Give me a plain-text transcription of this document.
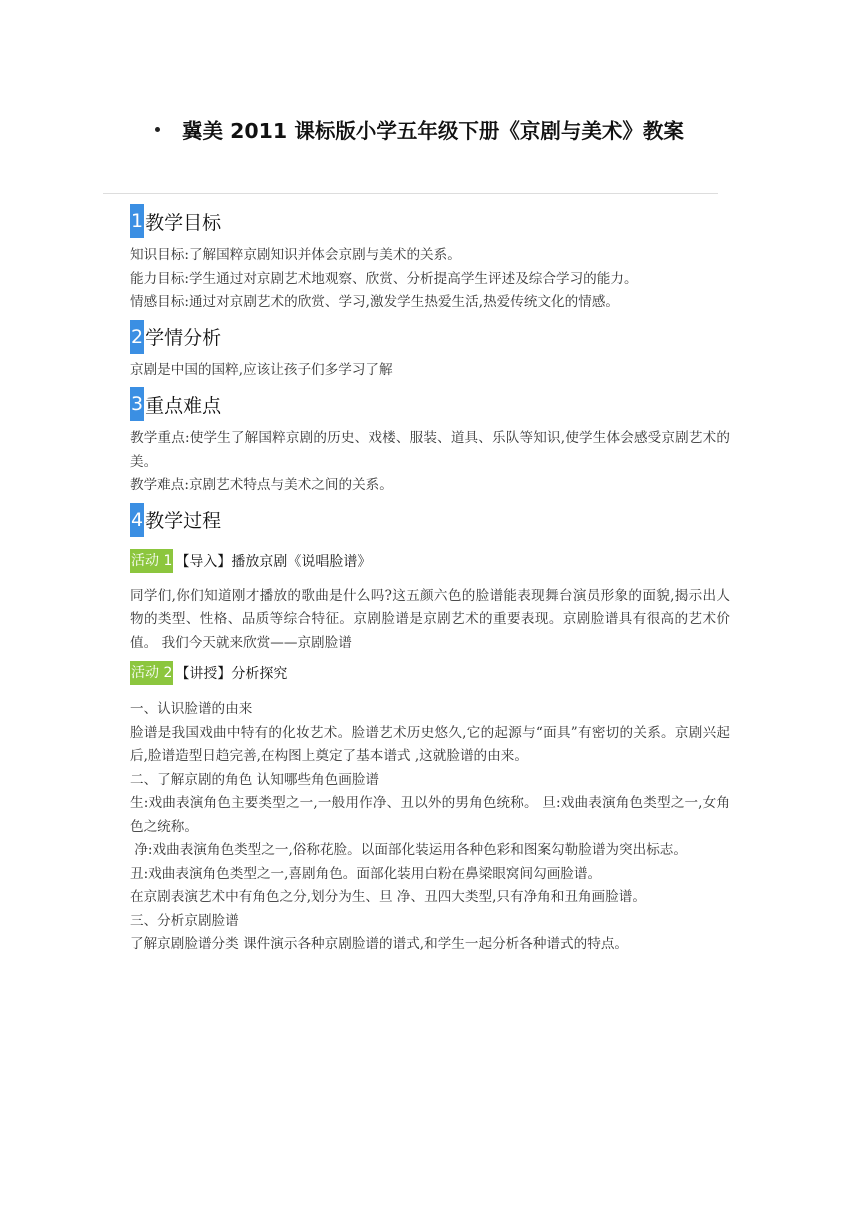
冀美 2011 课标版小学五年级下册《京剧与美术》教案
1 教学目标
知识目标:了解国粹京剧知识并体会京剧与美术的关系。
能力目标:学生通过对京剧艺术地观察、欣赏、分析提高学生评述及综合学习的能力。
情感目标:通过对京剧艺术的欣赏、学习,激发学生热爱生活,热爱传统文化的情感。
2 学情分析
京剧是中国的国粹,应该让孩子们多学习了解
3 重点难点
教学重点:使学生了解国粹京剧的历史、戏楼、服装、道具、乐队等知识,使学生体会感受京剧艺术的美。
教学难点:京剧艺术特点与美术之间的关系。
4 教学过程
活动 1 【导入】播放京剧《说唱脸谱》
同学们,你们知道刚才播放的歌曲是什么吗?这五颜六色的脸谱能表现舞台演员形象的面貌,揭示出人物的类型、性格、品质等综合特征。京剧脸谱是京剧艺术的重要表现。京剧脸谱具有很高的艺术价值。 我们今天就来欣赏——京剧脸谱
活动 2 【讲授】分析探究
一、认识脸谱的由来
脸谱是我国戏曲中特有的化妆艺术。脸谱艺术历史悠久,它的起源与“面具”有密切的关系。京剧兴起后,脸谱造型日趋完善,在构图上奠定了基本谱式 ,这就脸谱的由来。
二、了解京剧的角色 认知哪些角色画脸谱
生:戏曲表演角色主要类型之一,一般用作净、丑以外的男角色统称。 旦:戏曲表演角色类型之一,女角色之统称。
净:戏曲表演角色类型之一,俗称花脸。以面部化装运用各种色彩和图案勾勒脸谱为突出标志。
丑:戏曲表演角色类型之一,喜剧角色。面部化装用白粉在鼻梁眼窝间勾画脸谱。
在京剧表演艺术中有角色之分,划分为生、旦 净、丑四大类型,只有净角和丑角画脸谱。
三、分析京剧脸谱
了解京剧脸谱分类 课件演示各种京剧脸谱的谱式,和学生一起分析各种谱式的特点。
